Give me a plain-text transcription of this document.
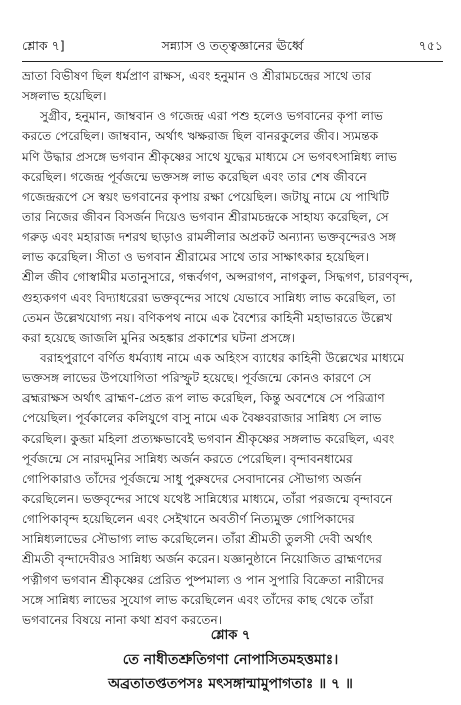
শ্লোক ৭]	সন্ন্যাস ও তত্ত্বজ্ঞানের ঊর্ধ্বে	৭৫১
ভ্রাতা বিভীষণ ছিল ধর্মপ্রাণ রাক্ষস, এবং হনুমান ও শ্রীরামচন্দ্রের সাথে তার
সঙ্গলাভ হয়েছিল।
সুগ্রীব, হনুমান, জাম্ববান ও গজেন্দ্র এরা পশু হলেও ভগবানের কৃপা লাভ
করতে পেরেছিল। জাম্ববান, অর্থাৎ ঋক্ষরাজ ছিল বানরকুলের জীব। স্যমন্তক
মণি উদ্ধার প্রসঙ্গে ভগবান শ্রীকৃষ্ণের সাথে যুদ্ধের মাধ্যমে সে ভগবৎসান্নিধ্য লাভ
করেছিল। গজেন্দ্র পূর্বজন্মে ভক্তসঙ্গ লাভ করেছিল এবং তার শেষ জীবনে
গজেন্দ্ররূপে সে স্বয়ং ভগবানের কৃপায় রক্ষা পেয়েছিল। জটায়ু নামে যে পাখিটি
তার নিজের জীবন বিসর্জন দিয়েও ভগবান শ্রীরামচন্দ্রকে সাহায্য করেছিল, সে
গরুড় এবং মহারাজ দশরথ ছাড়াও রামলীলার অপ্রকট অন্যান্য ভক্তবৃন্দেরও সঙ্গ
লাভ করেছিল। সীতা ও ভগবান শ্রীরামের সাথে তার সাক্ষাৎকার হয়েছিল।
শ্রীল জীব গোস্বামীর মতানুসারে, গন্ধর্বগণ, অপ্সরাগণ, নাগকুল, সিদ্ধগণ, চারণবৃন্দ,
গুহ্যকগণ এবং বিদ্যাধরেরা ভক্তবৃন্দের সাথে যেভাবে সান্নিধ্য লাভ করেছিল, তা
তেমন উল্লেখযোগ্য নয়। বণিকপথ নামে এক বৈশ্যের কাহিনী মহাভারতে উল্লেখ
করা হয়েছে জাজলি মুনির অহঙ্কার প্রকাশের ঘটনা প্রসঙ্গে।
বরাহপুরাণে বর্ণিত ধর্মব্যাধ নামে এক অহিংস ব্যাধের কাহিনী উল্লেখের মাধ্যমে
ভক্তসঙ্গ লাভের উপযোগিতা পরিস্ফুট হয়েছে। পূর্বজন্মে কোনও কারণে সে
ব্রহ্মরাক্ষস অর্থাৎ ব্রাহ্মণ-প্রেত রূপ লাভ করেছিল, কিন্তু অবশেষে সে পরিত্রাণ
পেয়েছিল। পূর্বকালের কলিযুগে বাসু নামে এক বৈষ্ণবরাজার সান্নিধ্য সে লাভ
করেছিল। কুব্জা মহিলা প্রত্যক্ষভাবেই ভগবান শ্রীকৃষ্ণের সঙ্গলাভ করেছিল, এবং
পূর্বজন্মে সে নারদমুনির সান্নিধ্য অর্জন করতে পেরেছিল। বৃন্দাবনধামের
গোপিকারাও তাঁদের পূর্বজন্মে সাধু পুরুষদের সেবাদানের সৌভাগ্য অর্জন
করেছিলেন। ভক্তবৃন্দের সাথে যথেষ্ট সান্নিধ্যের মাধ্যমে, তাঁরা পরজন্মে বৃন্দাবনে
গোপিকাবৃন্দ হয়েছিলেন এবং সেইখানে অবতীর্ণ নিত্যমুক্ত গোপিকাদের
সান্নিধ্যলাভের সৌভাগ্য লাভ করেছিলেন। তাঁরা শ্রীমতী তুলসী দেবী অর্থাৎ
শ্রীমতী বৃন্দাদেবীরও সান্নিধ্য অর্জন করেন। যজ্ঞানুষ্ঠানে নিয়োজিত ব্রাহ্মণদের
পত্নীগণ ভগবান শ্রীকৃষ্ণের প্রেরিত পুষ্পমাল্য ও পান সুপারি বিক্রেতা নারীদের
সঙ্গে সান্নিধ্য লাভের সুযোগ লাভ করেছিলেন এবং তাঁদের কাছ থেকে তাঁরা
ভগবানের বিষয়ে নানা কথা শ্রবণ করতেন।
শ্লোক ৭
তে নাধীতশ্রুতিগণা নোপাসিতমহত্তমাঃ।
অব্রতাতপ্ততপসঃ মৎসঙ্গান্মামুপাগতাঃ ॥ ৭ ॥
